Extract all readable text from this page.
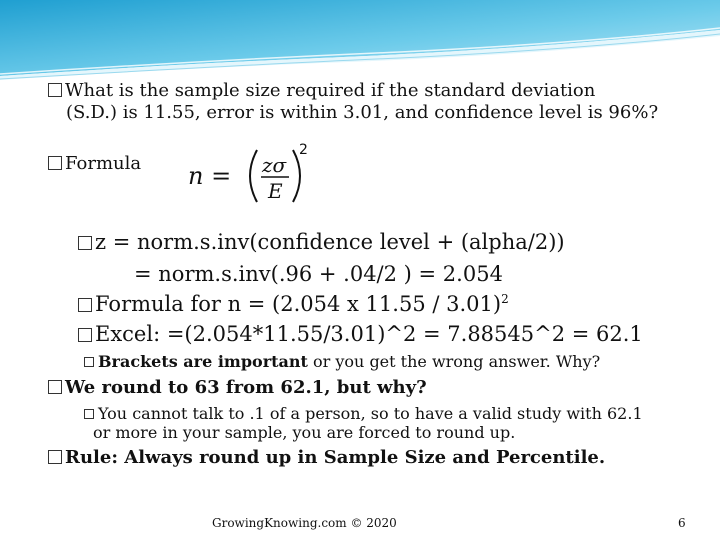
What is the sample size required if the standard deviation
(S.D.) is 11.55, error is within 3.01, and confidence level is 96%?
Formula n = zσ
E
2
z = norm.s.inv(confidence level + (alpha/2))
= norm.s.inv(.96 + .04/2 ) = 2.054
Formula for n = (2.054 x 11.55 / 3.01)$^2$
Excel: =(2.054*11.55/3.01)^2 = 7.88545^2 = 62.1
Brackets are important or you get the wrong answer. Why?
We round to 63 from 62.1, but why?
You cannot talk to .1 of a person, so to have a valid study with 62.1
or more in your sample, you are forced to round up.
Rule: Always round up in Sample Size and Percentile.
GrowingKnowing.com © 2020	6
